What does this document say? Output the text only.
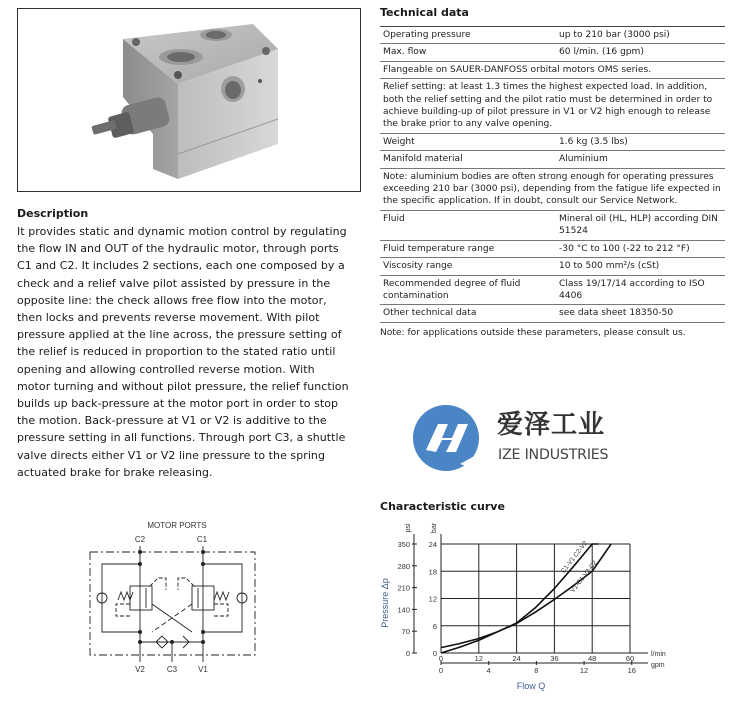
Description

It provides static and dynamic motion control by regulating
the flow IN and OUT of the hydraulic motor, through ports
C1 and C2. It includes 2 sections, each one composed by a
check and a relief valve pilot assisted by pressure in the
opposite line: the check allows free flow into the motor,
then locks and prevents reverse movement. With pilot
pressure applied at the line across, the pressure setting of
the relief is reduced in proportion to the stated ratio until
opening and allowing controlled reverse motion. With
motor turning and without pilot pressure, the relief function
builds up back-pressure at the motor port in order to stop
the motion. Back-pressure at V1 or V2 is additive to the
pressure setting in all functions. Through port C3, a shuttle
valve directs either V1 or V2 line pressure to the spring
actuated brake for brake releasing.

Technical data
Operating pressure	up to 210 bar (3000 psi)
Max. flow	60 l/min. (16 gpm)
Flangeable on SAUER-DANFOSS orbital motors OMS series.	
Relief setting: at least 1.3 times the highest expected load. In addition, both the relief setting and the pilot ratio must be determined in order to achieve building-up of pilot pressure in V1 or V2 high enough to release the brake prior to any valve opening.	
Weight	1.6 kg (3.5 lbs)
Manifold material	Aluminium
Note: aluminium bodies are often strong enough for operating pressures exceeding 210 bar (3000 psi), depending from the fatigue life expected in the specific application. If in doubt, consult our Service Network.	
Fluid	Mineral oil (HL, HLP) according DIN 51524
Fluid temperature range	-30 °C to 100 (-22 to 212 °F)
Viscosity range	10 to 500 mm²/s (cSt)
Recommended degree of fluid contamination	Class 19/17/14 according to ISO 4406
Other technical data	see data sheet 18350-50
Note: for applications outside these parameters, please consult us.
爱泽工业
IZE INDUSTRIES
MOTOR PORTS
C2	C1
V2	C3	V1
Characteristic curve
0	12	24	36	48	60
0	4	8	12	16
0
6
12
18
24
0
70
140
210
280
350	C1-V1 C2-V2
V1-C1 V2-C2
Pressure Δp
Flow Q
psi	bar
l/min
gpm
